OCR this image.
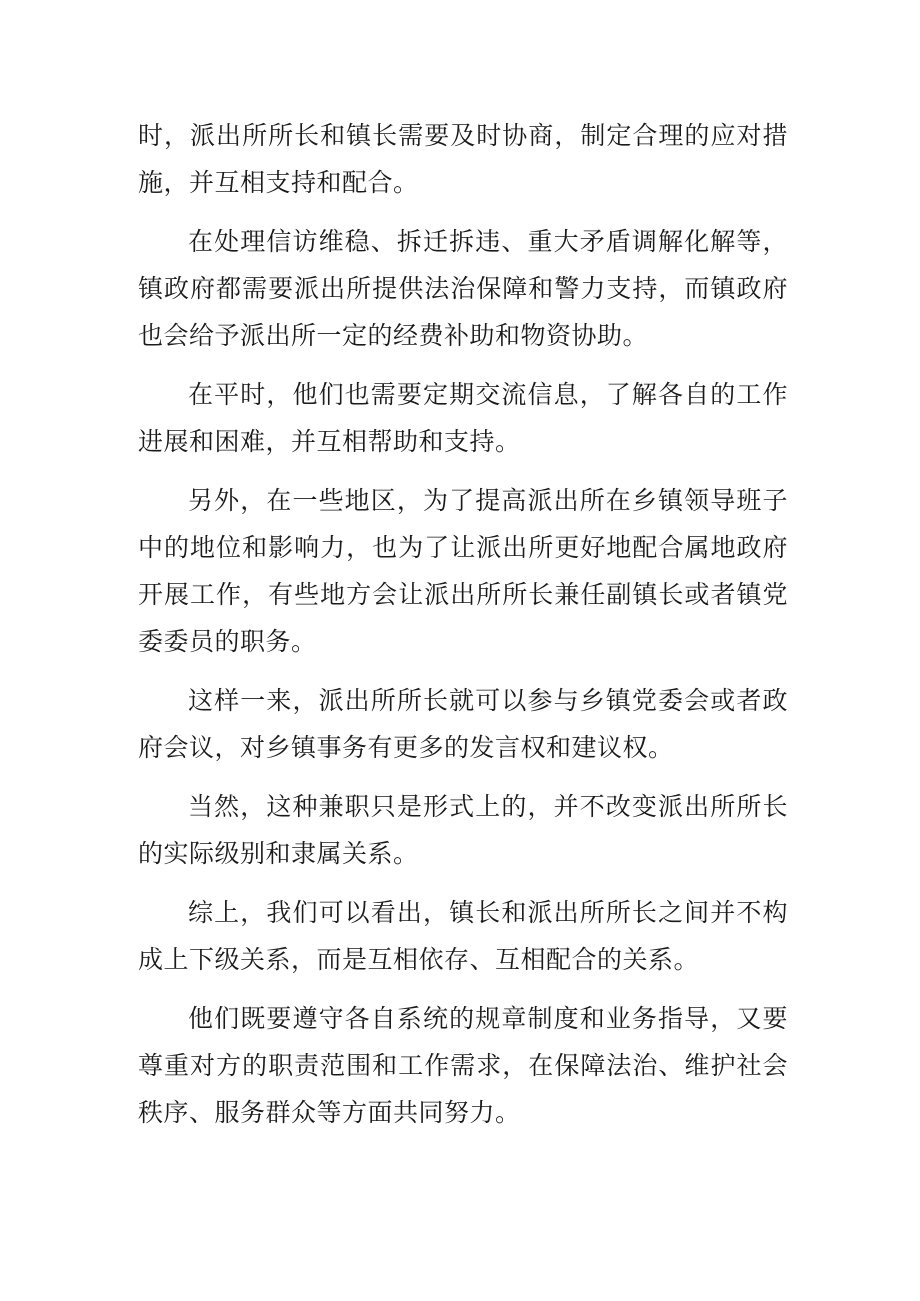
时，派出所所长和镇长需要及时协商，制定合理的应对措施，并互相支持和配合。

在处理信访维稳、拆迁拆违、重大矛盾调解化解等，镇政府都需要派出所提供法治保障和警力支持，而镇政府也会给予派出所一定的经费补助和物资协助。

在平时，他们也需要定期交流信息，了解各自的工作进展和困难，并互相帮助和支持。

另外，在一些地区，为了提高派出所在乡镇领导班子中的地位和影响力，也为了让派出所更好地配合属地政府开展工作，有些地方会让派出所所长兼任副镇长或者镇党委委员的职务。

这样一来，派出所所长就可以参与乡镇党委会或者政府会议，对乡镇事务有更多的发言权和建议权。

当然，这种兼职只是形式上的，并不改变派出所所长的实际级别和隶属关系。

综上，我们可以看出，镇长和派出所所长之间并不构成上下级关系，而是互相依存、互相配合的关系。

他们既要遵守各自系统的规章制度和业务指导，又要尊重对方的职责范围和工作需求，在保障法治、维护社会秩序、服务群众等方面共同努力。
